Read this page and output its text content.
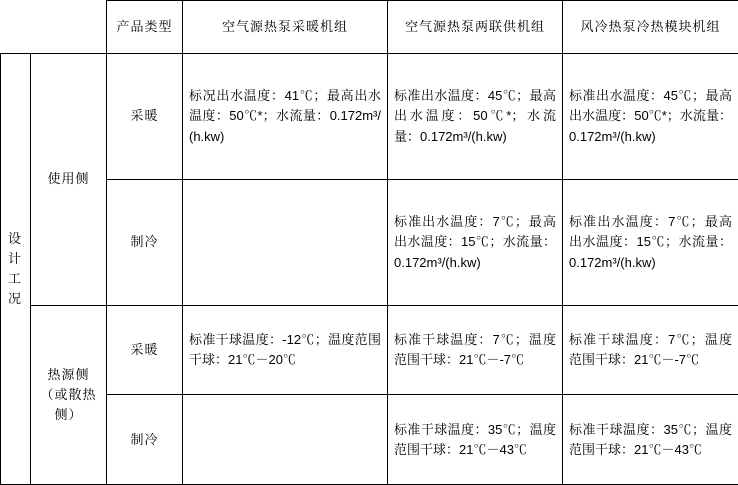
		产品类型	空气源热泵采暖机组	空气源热泵两联供机组	风冷热泵冷热模块机组
设计工况	使用侧	采暖	标况出水温度：41℃；最高出水温度：50℃*；水流量：0.172m³/(h.kw)	标准出水温度：45℃；最高出水温度：50℃*；水流量：0.172m³/(h.kw)	标准出水温度：45℃；最高出水温度：50℃*；水流量：0.172m³/(h.kw)
		制冷		标准出水温度：7℃；最高出水温度：15℃；水流量：0.172m³/(h.kw)	标准出水温度：7℃；最高出水温度：15℃；水流量：0.172m³/(h.kw)
	热源侧（或散热侧）	采暖	标准干球温度：-12℃；温度范围干球：21℃－20℃	标准干球温度：7℃；温度范围干球：21℃－-7℃	标准干球温度：7℃；温度范围干球：21℃－-7℃
		制冷		标准干球温度：35℃；温度范围干球：21℃－43℃	标准干球温度：35℃；温度范围干球：21℃－43℃
